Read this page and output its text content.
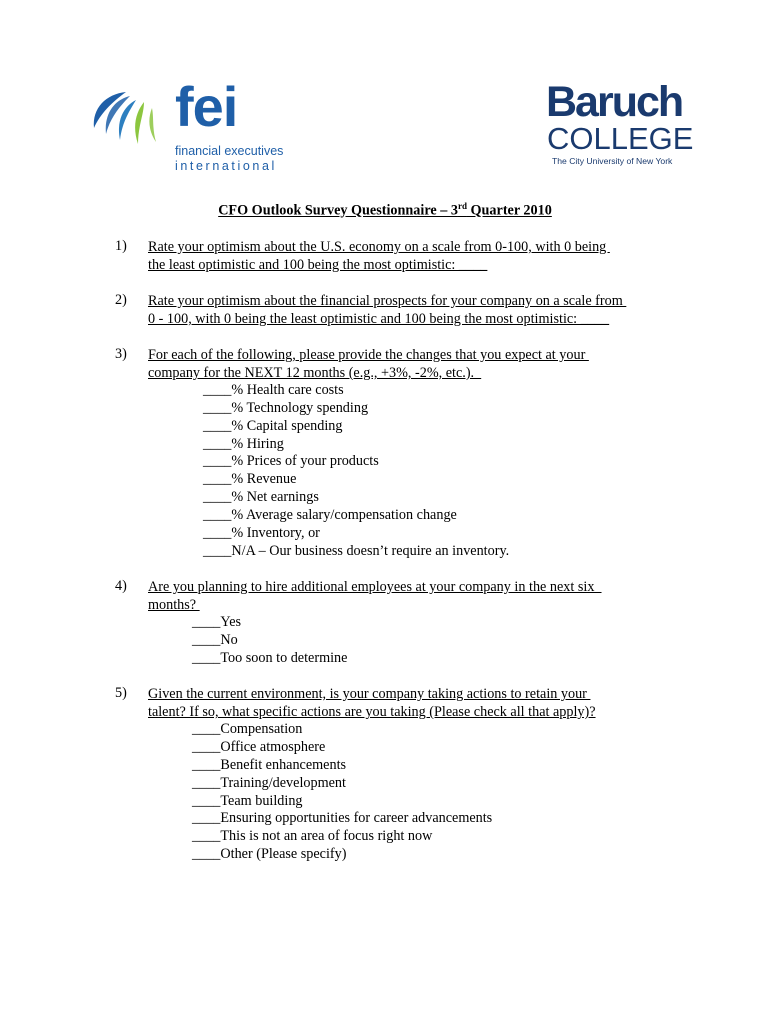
fei
financial executives
international
Baruch
COLLEGE
The City University of New York
CFO Outlook Survey Questionnaire – 3rd Quarter 2010
1) Rate your optimism about the U.S. economy on a scale from 0-100, with 0 being
the least optimistic and 100 being the most optimistic: ____
2) Rate your optimism about the financial prospects for your company on a scale from
0 - 100, with 0 being the least optimistic and 100 being the most optimistic: ____
3) For each of the following, please provide the changes that you expect at your
company for the NEXT 12 months (e.g., +3%, -2%, etc.).
____% Health care costs
____% Technology spending
____% Capital spending
____% Hiring
____% Prices of your products
____% Revenue
____% Net earnings
____% Average salary/compensation change
____% Inventory, or
____N/A – Our business doesn’t require an inventory.
4) Are you planning to hire additional employees at your company in the next six
months?
____Yes
____No
____Too soon to determine
5) Given the current environment, is your company taking actions to retain your
talent? If so, what specific actions are you taking (Please check all that apply)?
____Compensation
____Office atmosphere
____Benefit enhancements
____Training/development
____Team building
____Ensuring opportunities for career advancements
____This is not an area of focus right now
____Other (Please specify)
